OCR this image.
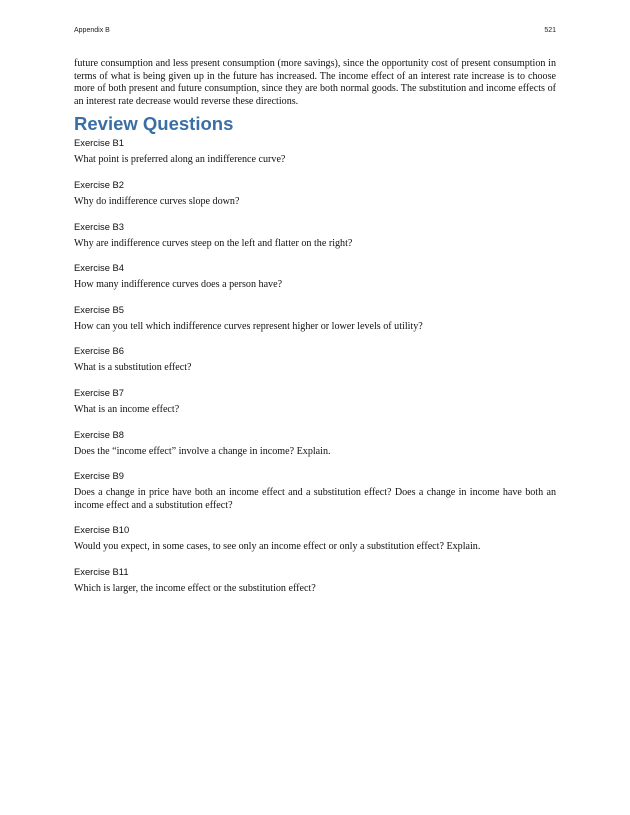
Appendix B	521

future consumption and less present consumption (more savings), since the opportunity cost of present consumption in terms of what is being given up in the future has increased. The income effect of an interest rate increase is to choose more of both present and future consumption, since they are both normal goods. The substitution and income effects of an interest rate decrease would reverse these directions.

Review Questions

Exercise B1

What point is preferred along an indifference curve?

Exercise B2

Why do indifference curves slope down?

Exercise B3

Why are indifference curves steep on the left and flatter on the right?

Exercise B4

How many indifference curves does a person have?

Exercise B5

How can you tell which indifference curves represent higher or lower levels of utility?

Exercise B6

What is a substitution effect?

Exercise B7

What is an income effect?

Exercise B8

Does the “income effect” involve a change in income? Explain.

Exercise B9

Does a change in price have both an income effect and a substitution effect? Does a change in income have both an income effect and a substitution effect?

Exercise B10

Would you expect, in some cases, to see only an income effect or only a substitution effect? Explain.

Exercise B11

Which is larger, the income effect or the substitution effect?
